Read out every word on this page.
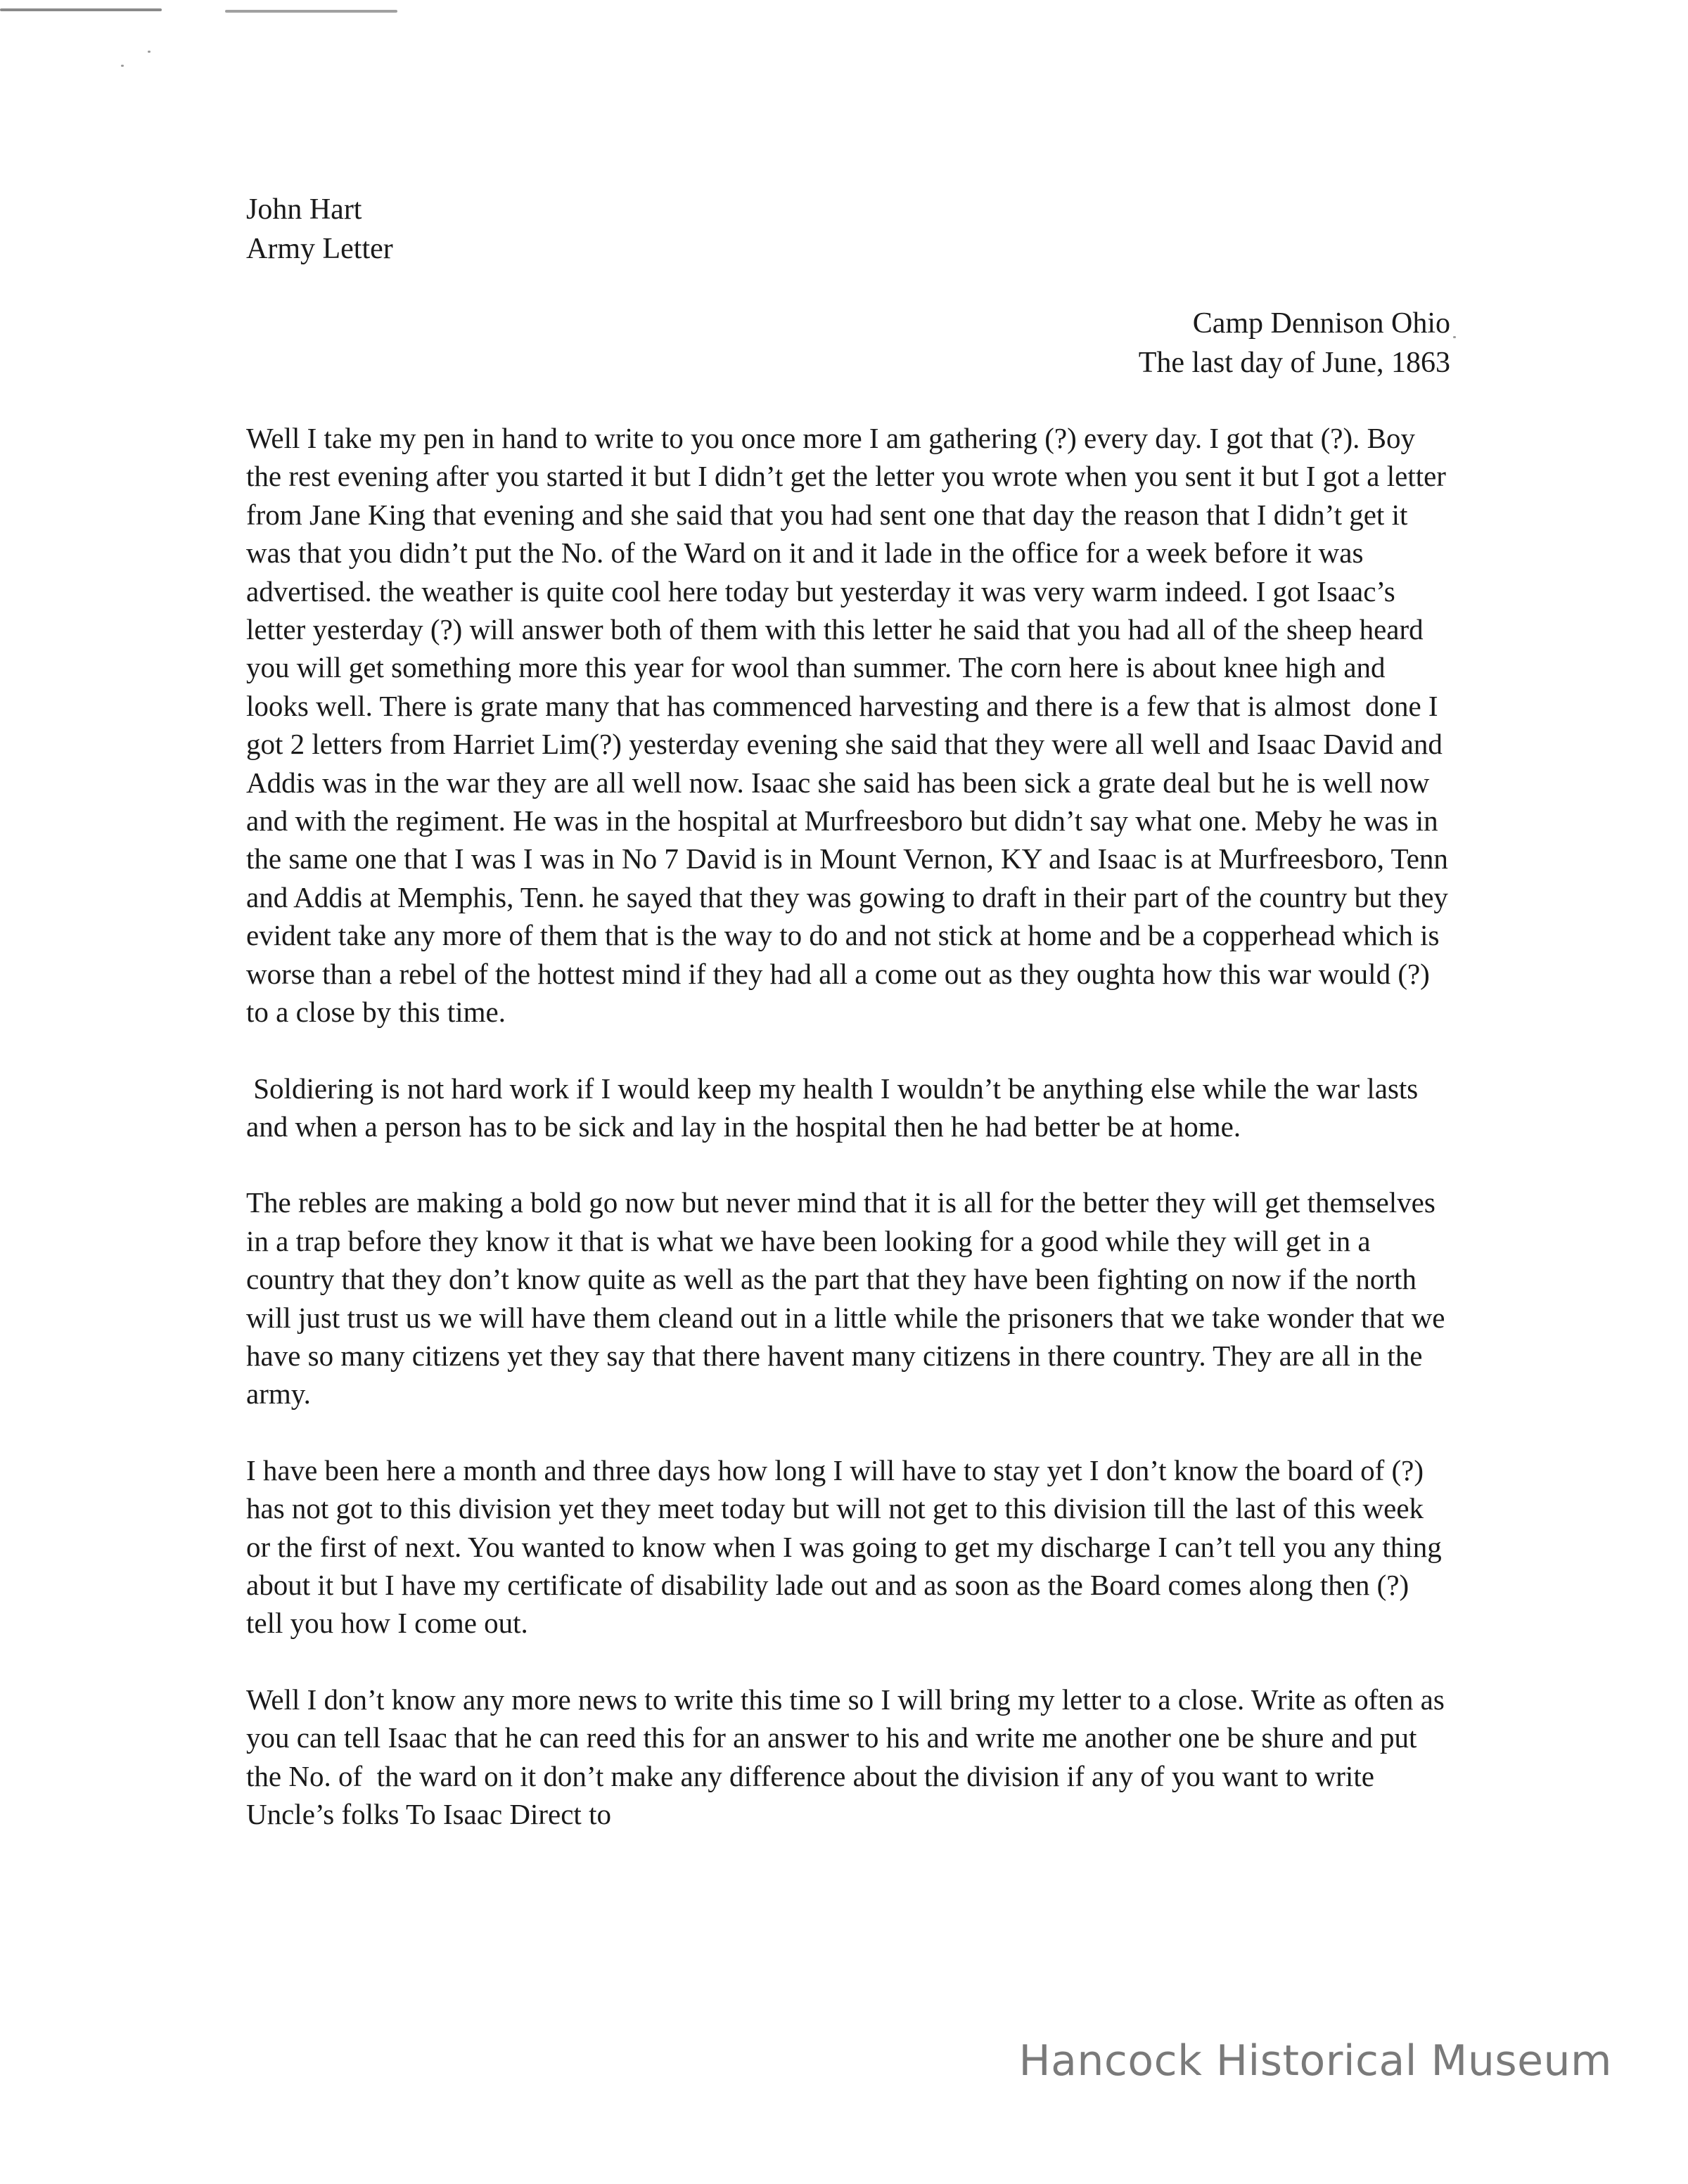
John Hart
Army Letter
Camp Dennison Ohio
The last day of June, 1863

Well I take my pen in hand to write to you once more I am gathering (?) every day. I got that (?). Boy the rest evening after you started it but I didn’t get the letter you wrote when you sent it but I got a letter from Jane King that evening and she said that you had sent one that day the reason that I didn’t get it was that you didn’t put the No. of the Ward on it and it lade in the office for a week before it was advertised. the weather is quite cool here today but yesterday it was very warm indeed. I got Isaac’s letter yesterday (?) will answer both of them with this letter he said that you had all of the sheep heard you will get something more this year for wool than summer. The corn here is about knee high and looks well. There is grate many that has commenced harvesting and there is a few that is almost  done I got 2 letters from Harriet Lim(?) yesterday evening she said that they were all well and Isaac David and Addis was in the war they are all well now. Isaac she said has been sick a grate deal but he is well now and with the regiment. He was in the hospital at Murfreesboro but didn’t say what one. Meby he was in the same one that I was I was in No 7 David is in Mount Vernon, KY and Isaac is at Murfreesboro, Tenn and Addis at Memphis, Tenn. he sayed that they was gowing to draft in their part of the country but they evident take any more of them that is the way to do and not stick at home and be a copperhead which is worse than a rebel of the hottest mind if they had all a come out as they oughta how this war would (?) to a close by this time.

Soldiering is not hard work if I would keep my health I wouldn’t be anything else while the war lasts and when a person has to be sick and lay in the hospital then he had better be at home.

The rebles are making a bold go now but never mind that it is all for the better they will get themselves in a trap before they know it that is what we have been looking for a good while they will get in a country that they don’t know quite as well as the part that they have been fighting on now if the north will just trust us we will have them cleand out in a little while the prisoners that we take wonder that we have so many citizens yet they say that there havent many citizens in there country. They are all in the army.

I have been here a month and three days how long I will have to stay yet I don’t know the board of (?) has not got to this division yet they meet today but will not get to this division till the last of this week or the first of next. You wanted to know when I was going to get my discharge I can’t tell you any thing about it but I have my certificate of disability lade out and as soon as the Board comes along then (?) tell you how I come out.

Well I don’t know any more news to write this time so I will bring my letter to a close. Write as often as you can tell Isaac that he can reed this for an answer to his and write me another one be shure and put the No. of  the ward on it don’t make any difference about the division if any of you want to write Uncle’s folks To Isaac Direct to

Hancock Historical Museum
